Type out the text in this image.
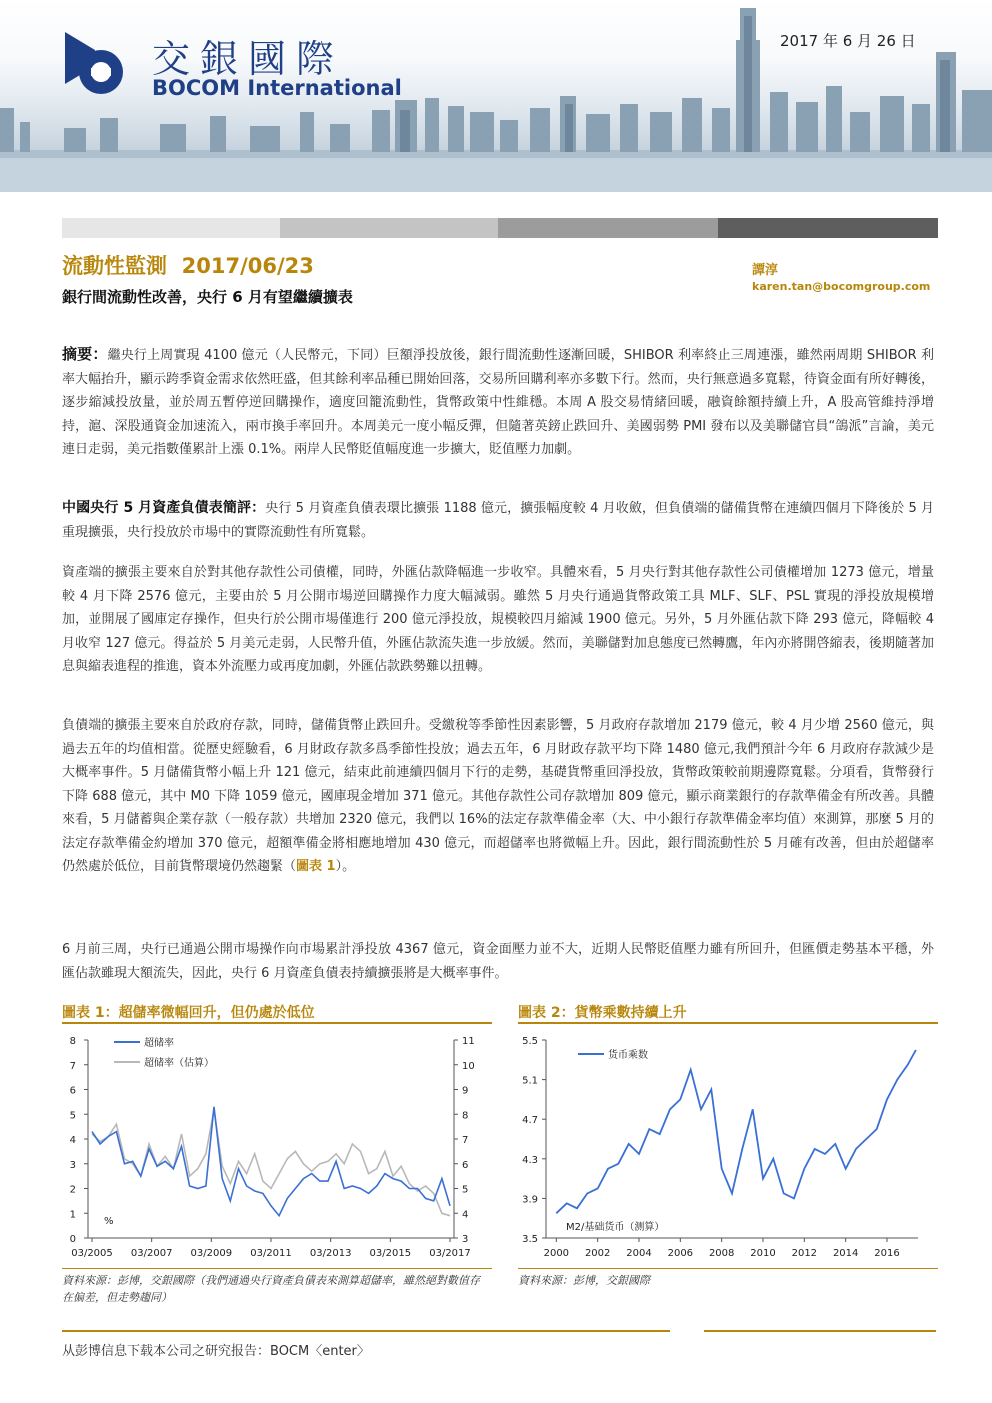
交銀國際
BOCOM International
2017 年 6 月 26 日
流動性監測  2017/06/23
銀行間流動性改善，央行 6 月有望繼續擴表
譚淳
karen.tan@bocomgroup.com
摘要：繼央行上周實現 4100 億元（人民幣元，下同）巨額淨投放後，銀行間流動性逐漸回暖，SHIBOR 利率終止三周連漲，雖然兩周期 SHIBOR 利率大幅抬升，顯示跨季資金需求依然旺盛，但其餘利率品種已開始回落，交易所回購利率亦多數下行。然而，央行無意過多寬鬆，待資金面有所好轉後，逐步縮減投放量，並於周五暫停逆回購操作，適度回籠流動性，貨幣政策中性維穩。本周 A 股交易情緒回暖，融資餘額持續上升，A 股高管維持淨增持，滬、深股通資金加速流入，兩市換手率回升。本周美元一度小幅反彈，但隨著英鎊止跌回升、美國弱勢 PMI 發布以及美聯儲官員“鴿派”言論，美元連日走弱，美元指數僅累計上漲 0.1%。兩岸人民幣貶值幅度進一步擴大，貶值壓力加劇。
中國央行 5 月資產負債表簡評：央行 5 月資產負債表環比擴張 1188 億元，擴張幅度較 4 月收斂，但負債端的儲備貨幣在連續四個月下降後於 5 月重現擴張，央行投放於市場中的實際流動性有所寬鬆。
資產端的擴張主要來自於對其他存款性公司債權，同時，外匯佔款降幅進一步收窄。具體來看，5 月央行對其他存款性公司債權增加 1273 億元，增量較 4 月下降 2576 億元，主要由於 5 月公開市場逆回購操作力度大幅減弱。雖然 5 月央行通過貨幣政策工具 MLF、SLF、PSL 實現的淨投放規模增加，並開展了國庫定存操作，但央行於公開市場僅進行 200 億元淨投放，規模較四月縮減 1900 億元。另外，5 月外匯佔款下降 293 億元，降幅較 4 月收窄 127 億元。得益於 5 月美元走弱，人民幣升值，外匯佔款流失進一步放緩。然而，美聯儲對加息態度已然轉鷹，年內亦將開啓縮表，後期隨著加息與縮表進程的推進，資本外流壓力或再度加劇，外匯佔款跌勢難以扭轉。
負債端的擴張主要來自於政府存款，同時，儲備貨幣止跌回升。受繳稅等季節性因素影響，5 月政府存款增加 2179 億元，較 4 月少增 2560 億元，與過去五年的均值相當。從歷史經驗看，6 月財政存款多爲季節性投放；過去五年，6 月財政存款平均下降 1480 億元,我們預計今年 6 月政府存款減少是大概率事件。5 月儲備貨幣小幅上升 121 億元，結束此前連續四個月下行的走勢，基礎貨幣重回淨投放，貨幣政策較前期邊際寬鬆。分項看，貨幣發行下降 688 億元，其中 M0 下降 1059 億元，國庫現金增加 371 億元。其他存款性公司存款增加 809 億元，顯示商業銀行的存款準備金有所改善。具體來看，5 月儲蓄與企業存款（一般存款）共增加 2320 億元，我們以 16%的法定存款準備金率（大、中小銀行存款準備金率均值）來測算，那麼 5 月的法定存款準備金約增加 370 億元，超額準備金將相應地增加 430 億元，而超儲率也將微幅上升。因此，銀行間流動性於 5 月確有改善，但由於超儲率仍然處於低位，目前貨幣環境仍然趨緊（圖表 1）。
6 月前三周，央行已通過公開市場操作向市場累計淨投放 4367 億元，資金面壓力並不大，近期人民幣貶值壓力雖有所回升，但匯價走勢基本平穩，外匯佔款雖現大額流失，因此，央行 6 月資產負債表持續擴張將是大概率事件。
圖表 1：超儲率微幅回升，但仍處於低位
0
1
2
3
4
5
6
7
8
3
4
5
6
7
8
9
10
11
03/2005 03/2007 03/2009 03/2011 03/2013 03/2015 03/2017
%
超储率
超储率（估算）
資料來源：彭博，交銀國際（我們通過央行資產負債表來測算超儲率，雖然絕對數值存在偏差，但走勢趨同）
圖表 2：貨幣乘數持續上升
3.5
3.9
4.3
4.7
5.1
5.5
2000 2002 2004 2006 2008 2010 2012 2014 2016
货币乘数
M2/基础货币（测算）
資料來源：彭博，交銀國際
从彭博信息下载本公司之研究报告：BOCM〈enter〉
